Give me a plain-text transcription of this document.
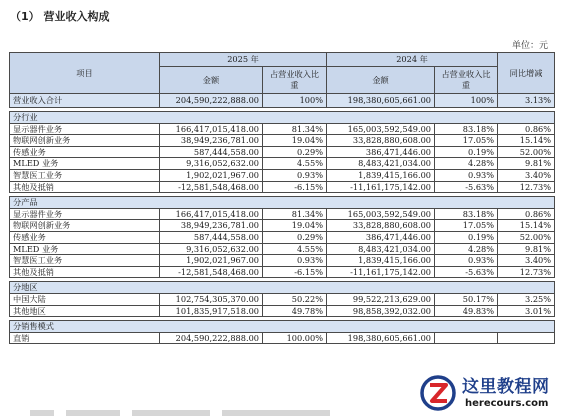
（1） 营业收入构成
单位：元
项目	2025 年		2024 年		同比增减
	金额	占营业收入比重	金额	占营业收入比重	
营业收入合计	204,590,222,888.00	100%	198,380,605,661.00	100%	3.13%

分行业					
显示器件业务	166,417,015,418.00	81.34%	165,003,592,549.00	83.18%	0.86%
物联网创新业务	38,949,236,781.00	19.04%	33,828,880,608.00	17.05%	15.14%
传感业务	587,444,558.00	0.29%	386,471,446.00	0.19%	52.00%
MLED 业务	9,316,052,632.00	4.55%	8,483,421,034.00	4.28%	9.81%
智慧医工业务	1,902,021,967.00	0.93%	1,839,415,166.00	0.93%	3.40%
其他及抵销	-12,581,548,468.00	-6.15%	-11,161,175,142.00	-5.63%	12.73%

分产品					
显示器件业务	166,417,015,418.00	81.34%	165,003,592,549.00	83.18%	0.86%
物联网创新业务	38,949,236,781.00	19.04%	33,828,880,608.00	17.05%	15.14%
传感业务	587,444,558.00	0.29%	386,471,446.00	0.19%	52.00%
MLED 业务	9,316,052,632.00	4.55%	8,483,421,034.00	4.28%	9.81%
智慧医工业务	1,902,021,967.00	0.93%	1,839,415,166.00	0.93%	3.40%
其他及抵销	-12,581,548,468.00	-6.15%	-11,161,175,142.00	-5.63%	12.73%

分地区					
中国大陆	102,754,305,370.00	50.22%	99,522,213,629.00	50.17%	3.25%
其他地区	101,835,917,518.00	49.78%	98,858,392,032.00	49.83%	3.01%

分销售模式					
直销	204,590,222,888.00	100.00%	198,380,605,661.00		
这里教程网
herecours.com
